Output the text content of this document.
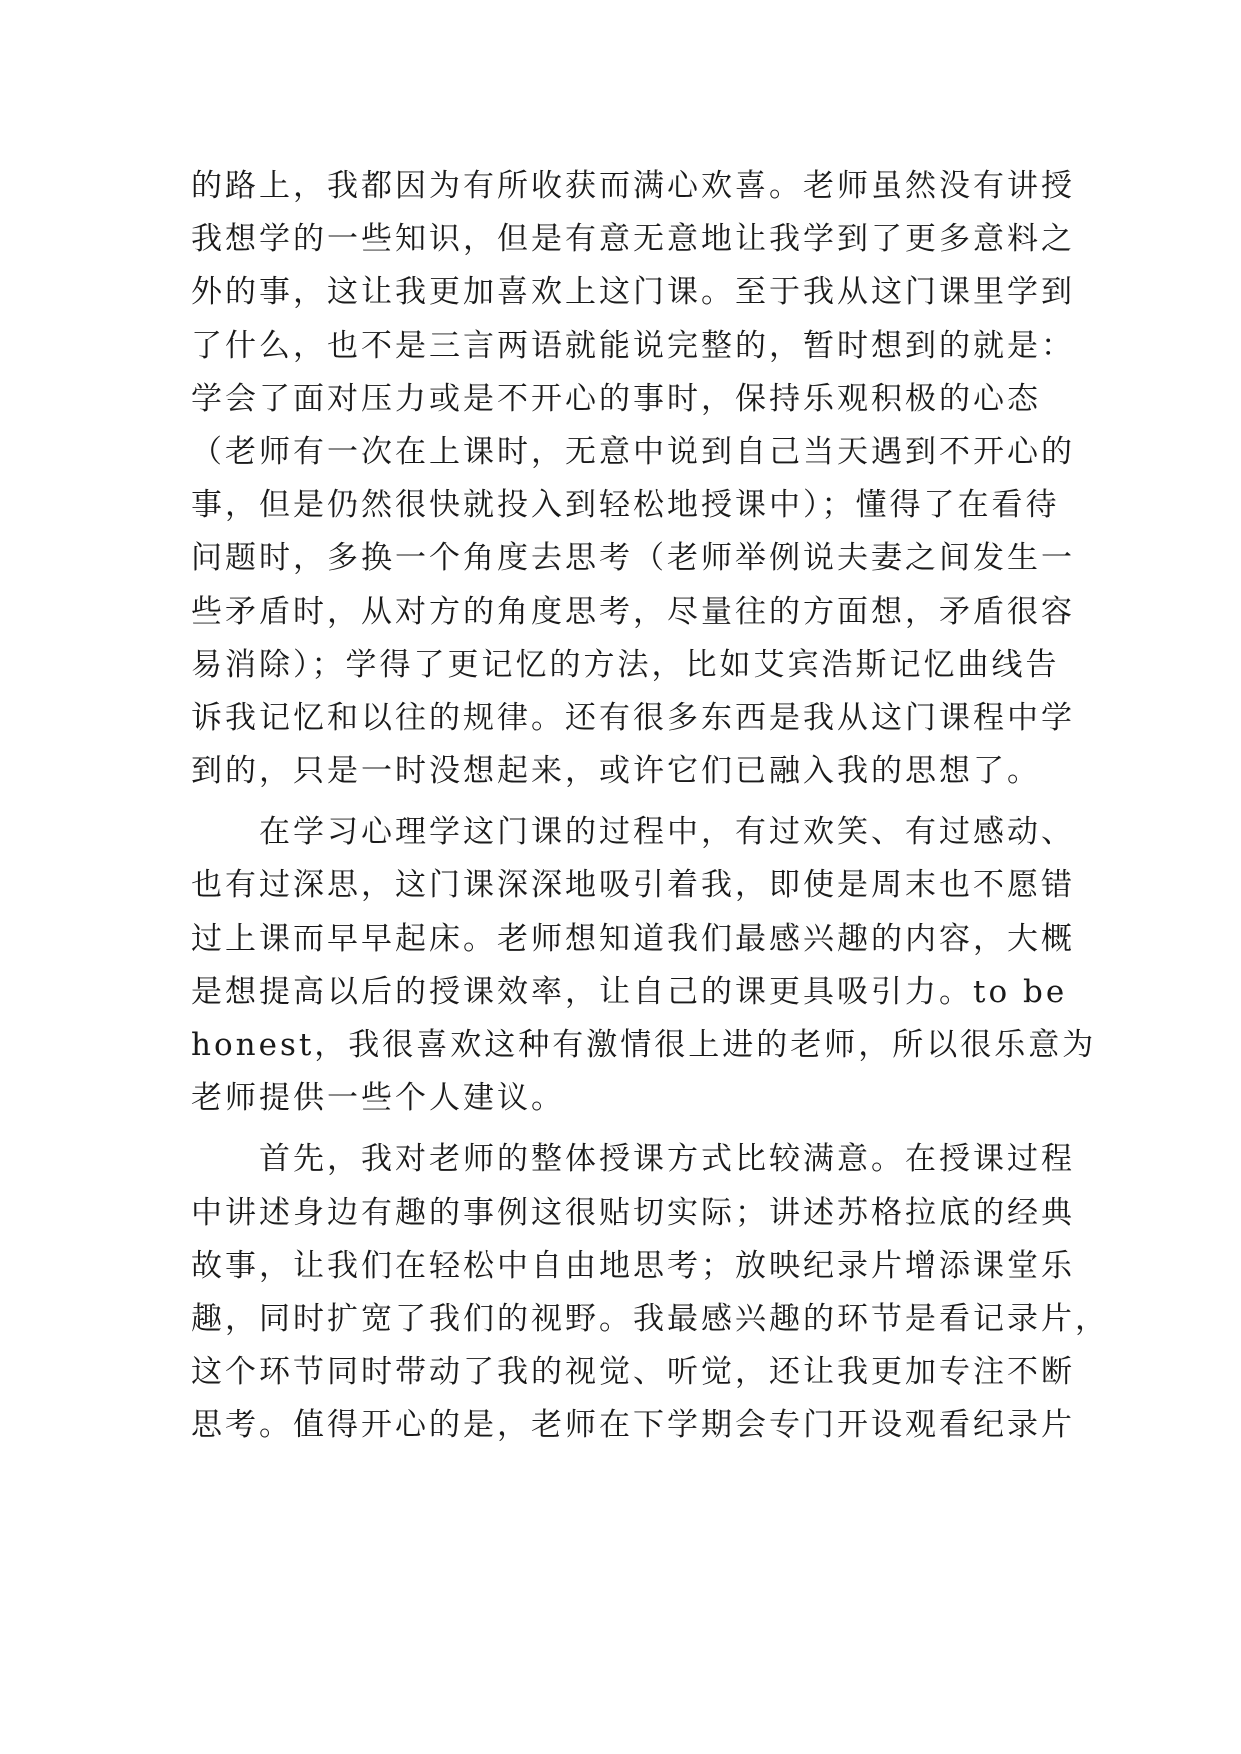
的路上，我都因为有所收获而满心欢喜。老师虽然没有讲授
我想学的一些知识，但是有意无意地让我学到了更多意料之
外的事，这让我更加喜欢上这门课。至于我从这门课里学到
了什么，也不是三言两语就能说完整的，暂时想到的就是：
学会了面对压力或是不开心的事时，保持乐观积极的心态
（老师有一次在上课时，无意中说到自己当天遇到不开心的
事，但是仍然很快就投入到轻松地授课中）；懂得了在看待
问题时，多换一个角度去思考（老师举例说夫妻之间发生一
些矛盾时，从对方的角度思考，尽量往的方面想，矛盾很容
易消除）；学得了更记忆的方法，比如艾宾浩斯记忆曲线告
诉我记忆和以往的规律。还有很多东西是我从这门课程中学
到的，只是一时没想起来，或许它们已融入我的思想了。
　　在学习心理学这门课的过程中，有过欢笑、有过感动、
也有过深思，这门课深深地吸引着我，即使是周末也不愿错
过上课而早早起床。老师想知道我们最感兴趣的内容，大概
是想提高以后的授课效率，让自己的课更具吸引力。to be
honest，我很喜欢这种有激情很上进的老师，所以很乐意为
老师提供一些个人建议。
　　首先，我对老师的整体授课方式比较满意。在授课过程
中讲述身边有趣的事例这很贴切实际；讲述苏格拉底的经典
故事，让我们在轻松中自由地思考；放映纪录片增添课堂乐
趣，同时扩宽了我们的视野。我最感兴趣的环节是看记录片，
这个环节同时带动了我的视觉、听觉，还让我更加专注不断
思考。值得开心的是，老师在下学期会专门开设观看纪录片
